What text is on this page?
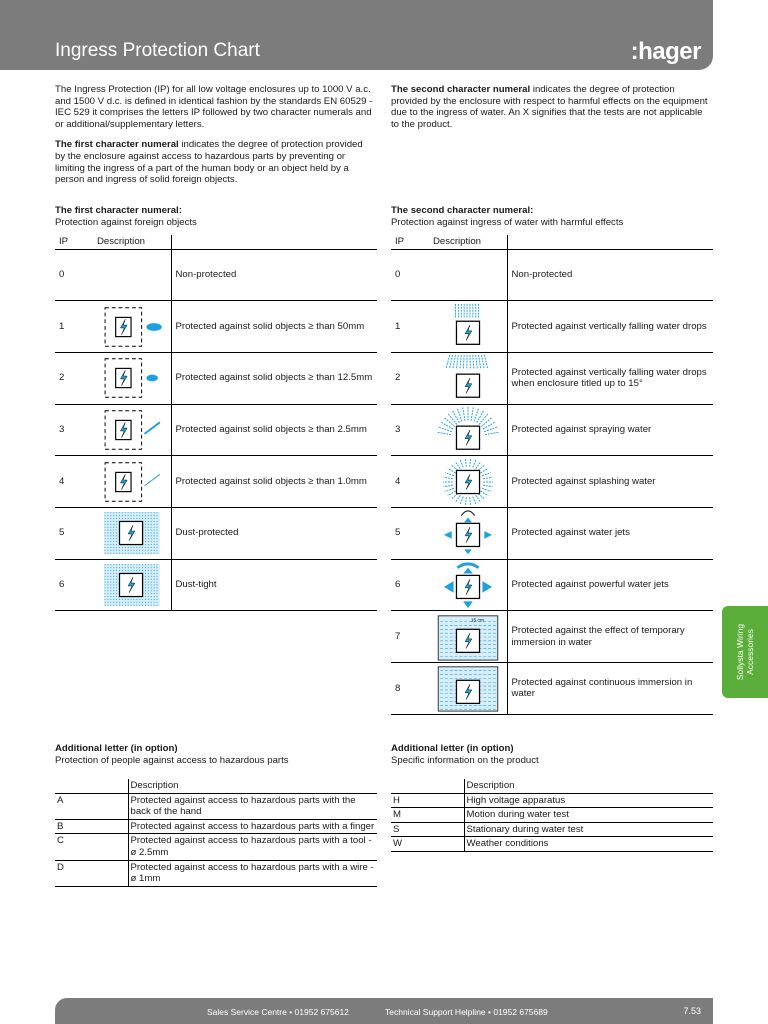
Ingress Protection Chart	:hager

The Ingress Protection (IP) for all low voltage enclosures up to 1000 V a.c. and 1500 V d.c. is defined in identical fashion by the standards EN 60529 - IEC 529 it comprises the letters IP followed by two character numerals and or additional/supplementary letters.

The first character numeral indicates the degree of protection provided by the enclosure against access to hazardous parts by preventing or limiting the ingress of a part of the human body or an object held by a person and ingress of solid foreign objects.

The second character numeral indicates the degree of protection provided by the enclosure with respect to harmful effects on the equipment due to the ingress of water. An X signifies that the tests are not applicable to the product.

The first character numeral:
Protection against foreign objects
IP	Description	
0		Non-protected
1		Protected against solid objects ≥ than 50mm
2		Protected against solid objects ≥ than 12.5mm
3		Protected against solid objects ≥ than 2.5mm
4		Protected against solid objects ≥ than 1.0mm
5		Dust-protected
6		Dust-tight
The second character numeral:
Protection against ingress of water with harmful effects
IP	Description	
0		Non-protected
1		Protected against vertically falling water drops
2		Protected against vertically falling water drops when enclosure titled up to 15°
3		Protected against spraying water
4		Protected against splashing water
5		Protected against water jets
6		Protected against powerful water jets
7	15 cm	Protected against the effect of temporary immersion in water
8		Protected against continuous immersion in water
Additional letter (in option)
Protection of people against access to hazardous parts
	Description
A	Protected against access to hazardous parts with the back of the hand
B	Protected against access to hazardous parts with a finger
C	Protected against access to hazardous parts with a tool - ø 2.5mm
D	Protected against access to hazardous parts with a wire - ø 1mm
Additional letter (in option)
Specific information on the product
	Description
H	High voltage apparatus
M	Motion during water test
S	Stationary during water test
W	Weather conditions
Sollysta Wiring Accessories
Sales Service Centre • 01952 675612	Technical Support Helpline • 01952 675689	7.53
